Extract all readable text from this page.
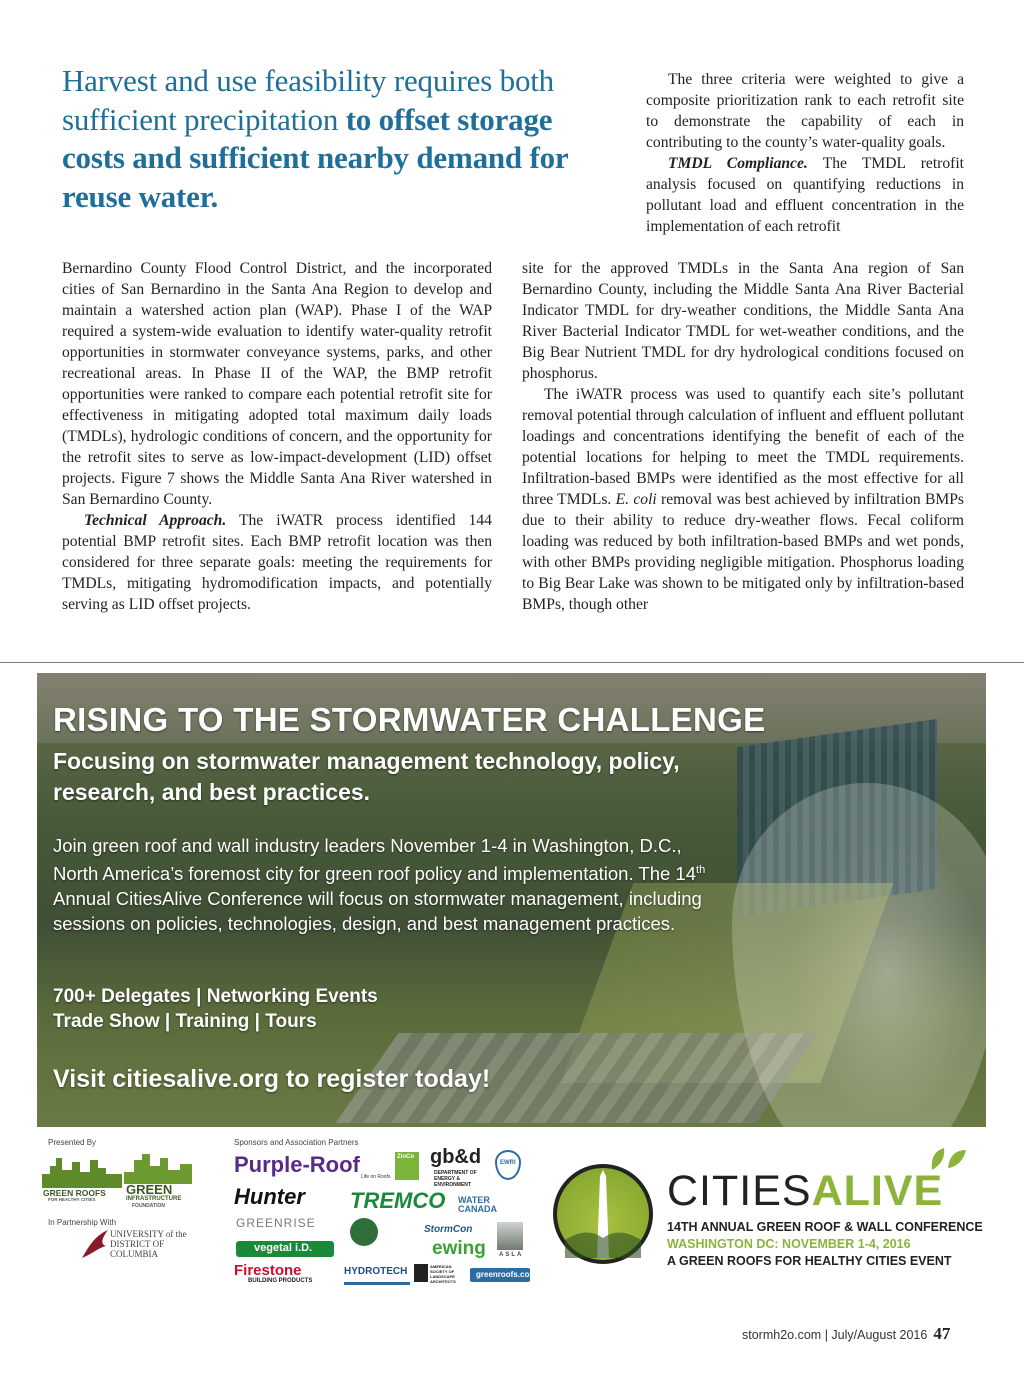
Harvest and use feasibility requires both sufficient precipitation to offset storage costs and sufficient nearby demand for reuse water.

The three criteria were weighted to give a composite prioritization rank to each retrofit site to demonstrate the capability of each in contributing to the county’s water-quality goals.

TMDL Compliance. The TMDL retrofit analysis focused on quantifying reductions in pollutant load and effluent concentration in the implementation of each retrofit

Bernardino County Flood Control District, and the incorporated cities of San Bernardino in the Santa Ana Region to develop and maintain a watershed action plan (WAP). Phase I of the WAP required a system-wide evaluation to identify water-quality retrofit opportunities in stormwater conveyance systems, parks, and other recreational areas. In Phase II of the WAP, the BMP retrofit opportunities were ranked to compare each potential retrofit site for effectiveness in mitigating adopted total maximum daily loads (TMDLs), hydrologic conditions of concern, and the opportunity for the retrofit sites to serve as low-impact-development (LID) offset projects. Figure 7 shows the Middle Santa Ana River watershed in San Bernardino County.

Technical Approach. The iWATR process identified 144 potential BMP retrofit sites. Each BMP retrofit location was then considered for three separate goals: meeting the requirements for TMDLs, mitigating hydromodification impacts, and potentially serving as LID offset projects.

site for the approved TMDLs in the Santa Ana region of San Bernardino County, including the Middle Santa Ana River Bacterial Indicator TMDL for dry-weather conditions, the Middle Santa Ana River Bacterial Indicator TMDL for wet-weather conditions, and the Big Bear Nutrient TMDL for dry hydrological conditions focused on phosphorus.

The iWATR process was used to quantify each site’s pollutant removal potential through calculation of influent and effluent pollutant loadings and concentrations identifying the benefit of each of the potential locations for helping to meet the TMDL requirements. Infiltration-based BMPs were identified as the most effective for all three TMDLs. E. coli removal was best achieved by infiltration BMPs due to their ability to reduce dry-weather flows. Fecal coliform loading was reduced by both infiltration-based BMPs and wet ponds, with other BMPs providing negligible mitigation. Phosphorus loading to Big Bear Lake was shown to be mitigated only by infiltration-based BMPs, though other

RISING TO THE STORMWATER CHALLENGE
Focusing on stormwater management technology, policy, research, and best practices.
Join green roof and wall industry leaders November 1-4 in Washington, D.C., North America’s foremost city for green roof policy and implementation. The 14th Annual CitiesAlive Conference will focus on stormwater management, including sessions on policies, technologies, design, and best management practices.
700+ Delegates | Networking Events
Trade Show | Training | Tours
Visit citiesalive.org to register today!
Presented By
GREEN ROOFS
FOR HEALTHY CITIES
GREEN
INFRASTRUCTURE
FOUNDATION
In Partnership With
UNIVERSITY of the
DISTRICT OF
COLUMBIA
Sponsors and Association Partners
Purple-Roof Life on Roofs
ZinCo gb&d
DEPARTMENT OF ENERGY & ENVIRONMENT
EWRI
Hunter TREMCO WATER CANADA
GREENRISE	StormCon
ASLA
vegetal i.D.	ewing
Firestone
BUILDING PRODUCTS
HYDROTECH	AMERICAN SOCIETY OF LANDSCAPE ARCHITECTS
greenroofs.com
CITIESALIVE
14TH ANNUAL GREEN ROOF & WALL CONFERENCE
WASHINGTON DC: NOVEMBER 1-4, 2016
A GREEN ROOFS FOR HEALTHY CITIES EVENT
stormh2o.com | July/August 2016 47
